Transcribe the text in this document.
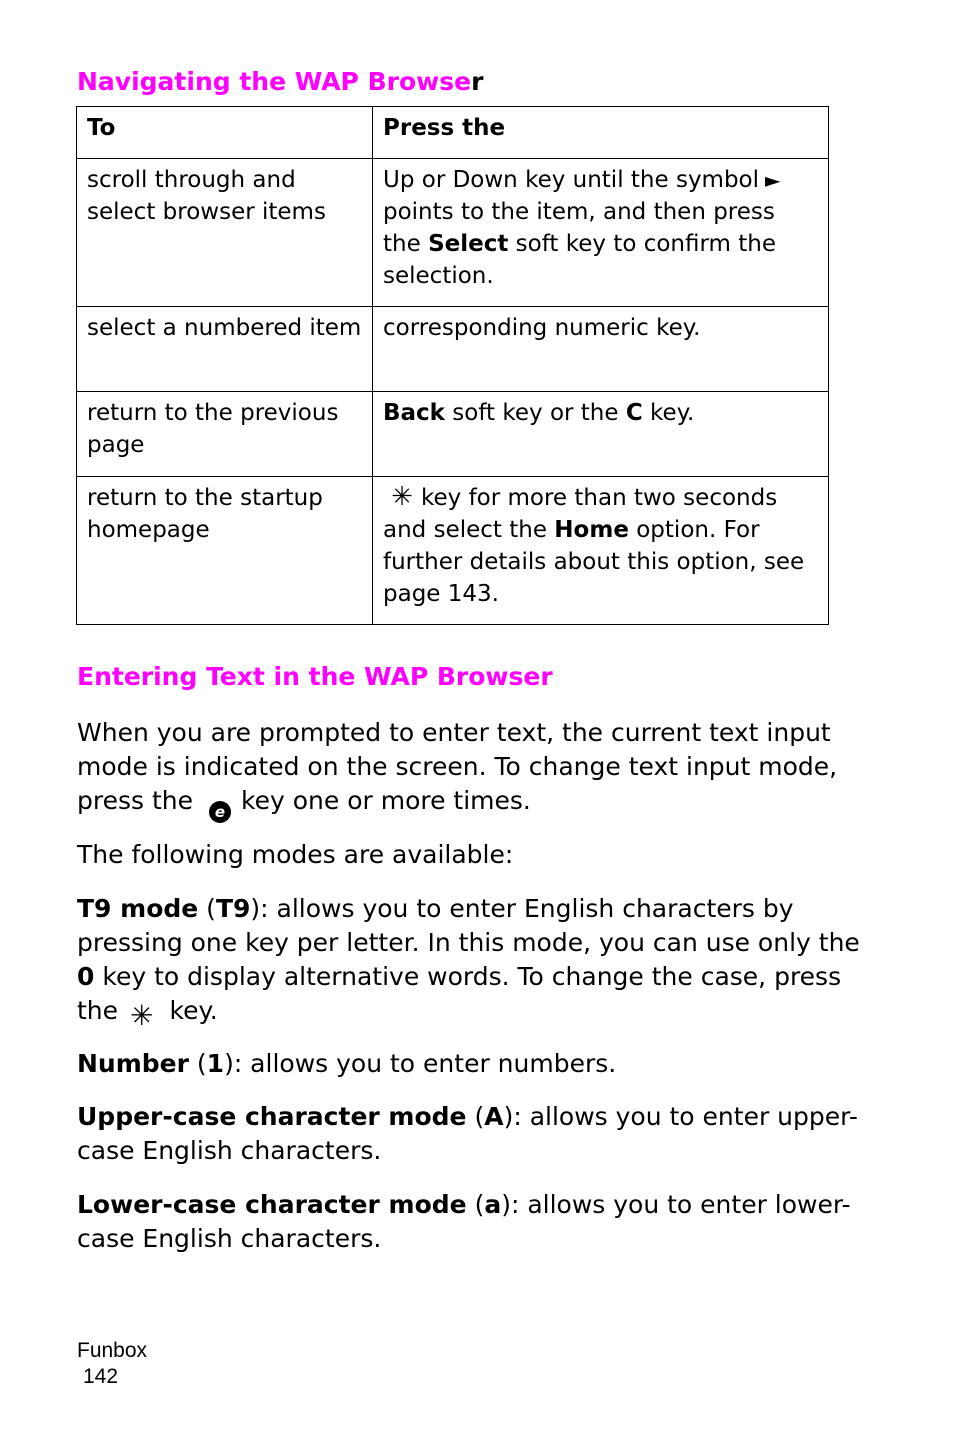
Navigating the WAP Browser
To	Press the
scroll through and select browser items	Up or Down key until the symbol ► points to the item, and then press the Select soft key to confirm the selection.
select a numbered item	corresponding numeric key.
return to the previous page	Back soft key or the C key.
return to the startup homepage	✳ key for more than two seconds and select the Home option. For further details about this option, see page 143.
Entering Text in the WAP Browser

When you are prompted to enter text, the current text input mode is indicated on the screen. To change text input mode, press the e key one or more times.

The following modes are available:

T9 mode (T9): allows you to enter English characters by pressing one key per letter. In this mode, you can use only the 0 key to display alternative words. To change the case, press the ✳ key.

Number (1): allows you to enter numbers.

Upper-case character mode (A): allows you to enter upper-case English characters.

Lower-case character mode (a): allows you to enter lower-case English characters.

Funbox
142
